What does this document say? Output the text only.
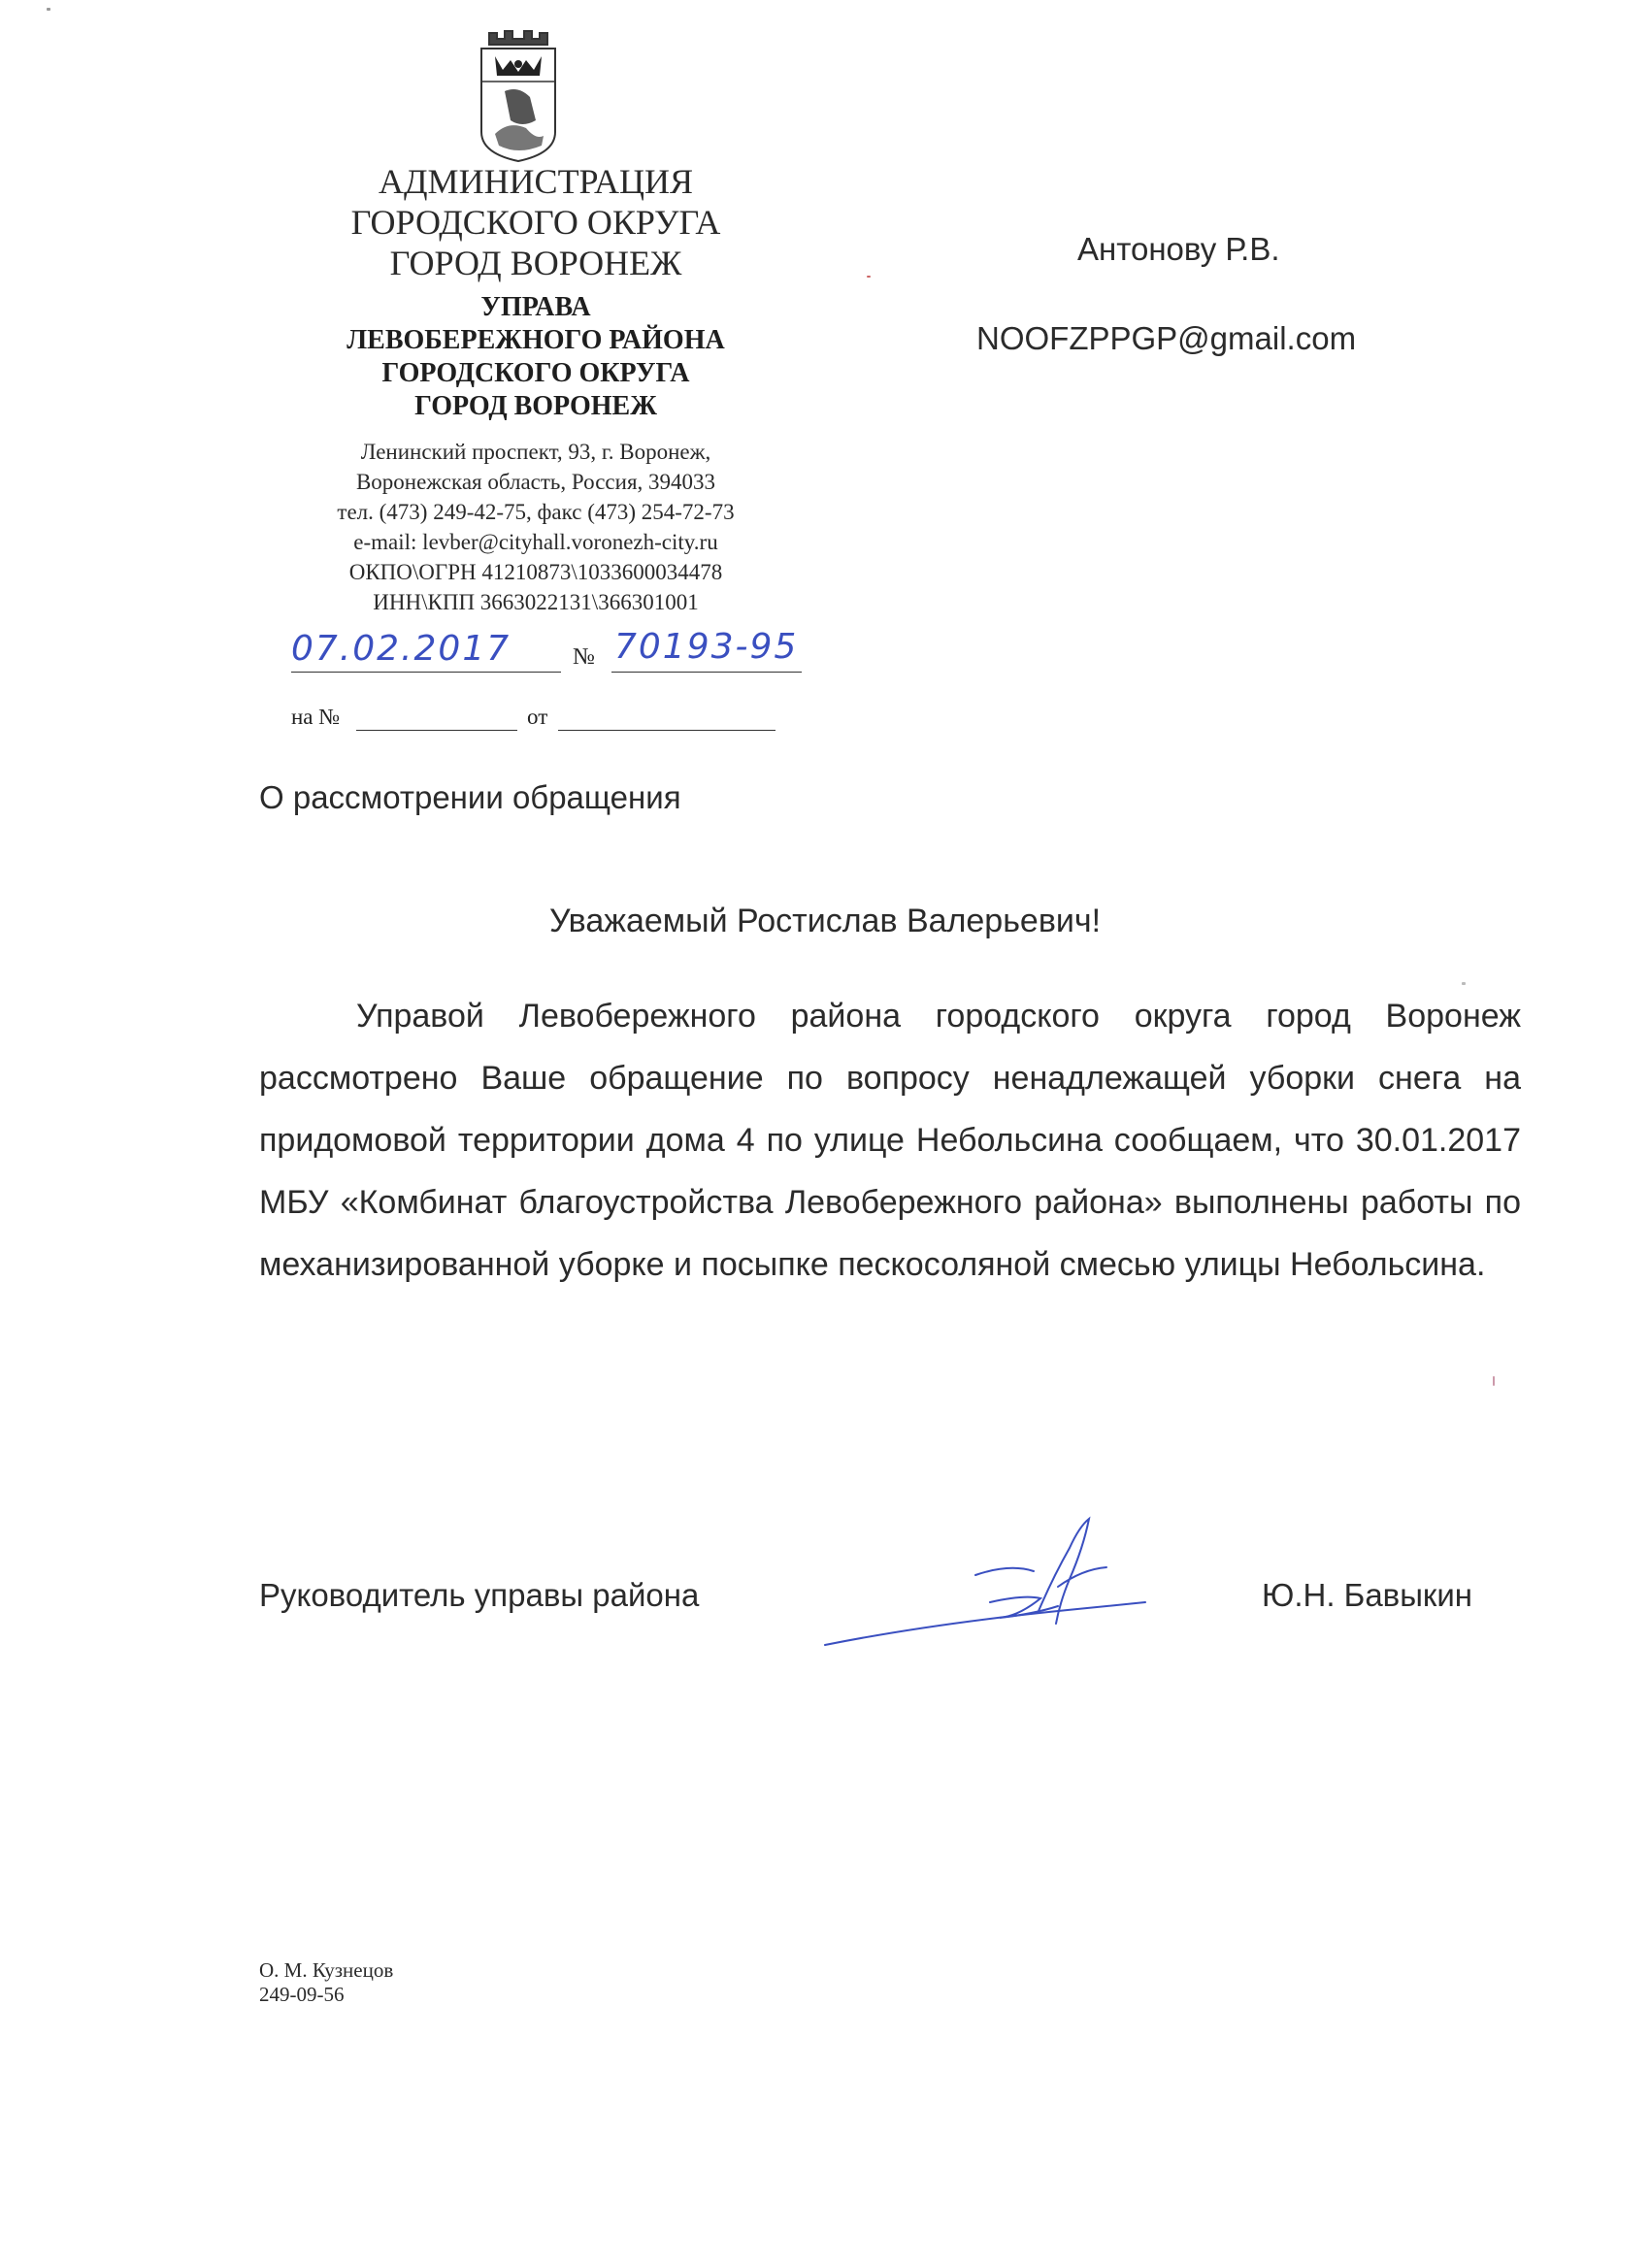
АДМИНИСТРАЦИЯ
ГОРОДСКОГО ОКРУГА
ГОРОД ВОРОНЕЖ
УПРАВА
ЛЕВОБЕРЕЖНОГО РАЙОНА
ГОРОДСКОГО ОКРУГА
ГОРОД ВОРОНЕЖ
Ленинский проспект, 93, г. Воронеж,
Воронежская область, Россия, 394033
тел. (473) 249-42-75, факс (473) 254-72-73
e-mail: levber@cityhall.voronezh-city.ru
ОКПО\ОГРН 41210873\1033600034478
ИНН\КПП 3663022131\366301001
07.02.2017	№ 70193-95
на №	от
Антонову Р.В.
NOOFZPPGP@gmail.com
О рассмотрении обращения
Уважаемый Ростислав Валерьевич!

Управой Левобережного района городского округа город Воронеж рассмотрено Ваше обращение по вопросу ненадлежащей уборки снега на придомовой территории дома 4 по улице Небольсина сообщаем, что 30.01.2017 МБУ «Комбинат благоустройства Левобережного района» выполнены работы по механизированной уборке и посыпке пескосоляной смесью улицы Небольсина.

Руководитель управы района	Ю.Н. Бавыкин
О. М. Кузнецов
249-09-56
